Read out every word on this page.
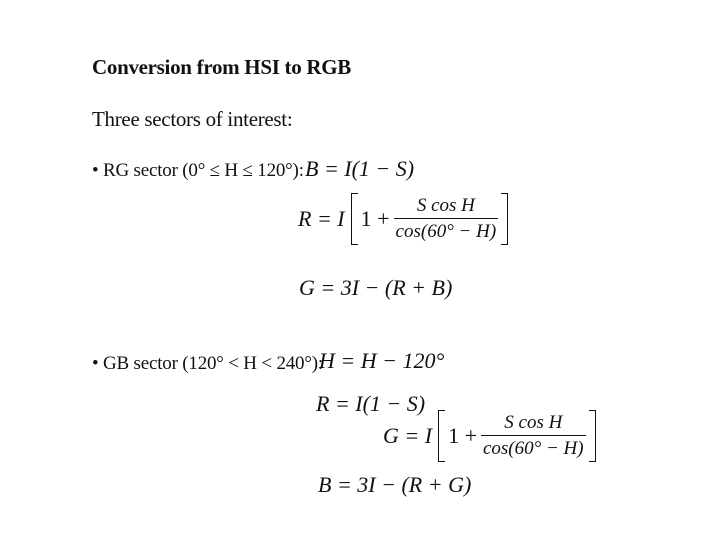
Conversion from HSI to RGB
Three sectors of interest:
• RG sector (0° ≤ H ≤ 120°): B = I(1 − S)
R = I $1 + \frac{\text{S cos H}}{\cos(60^\circ - H)}$
G = 3I − (R + B)
• GB sector (120° < H < 240°):
H = H − 120°
R = I(1 − S)
G = I $1 + \frac{\text{S cos H}}{\cos(60^\circ - H)}$
B = 3I − (R + G)
